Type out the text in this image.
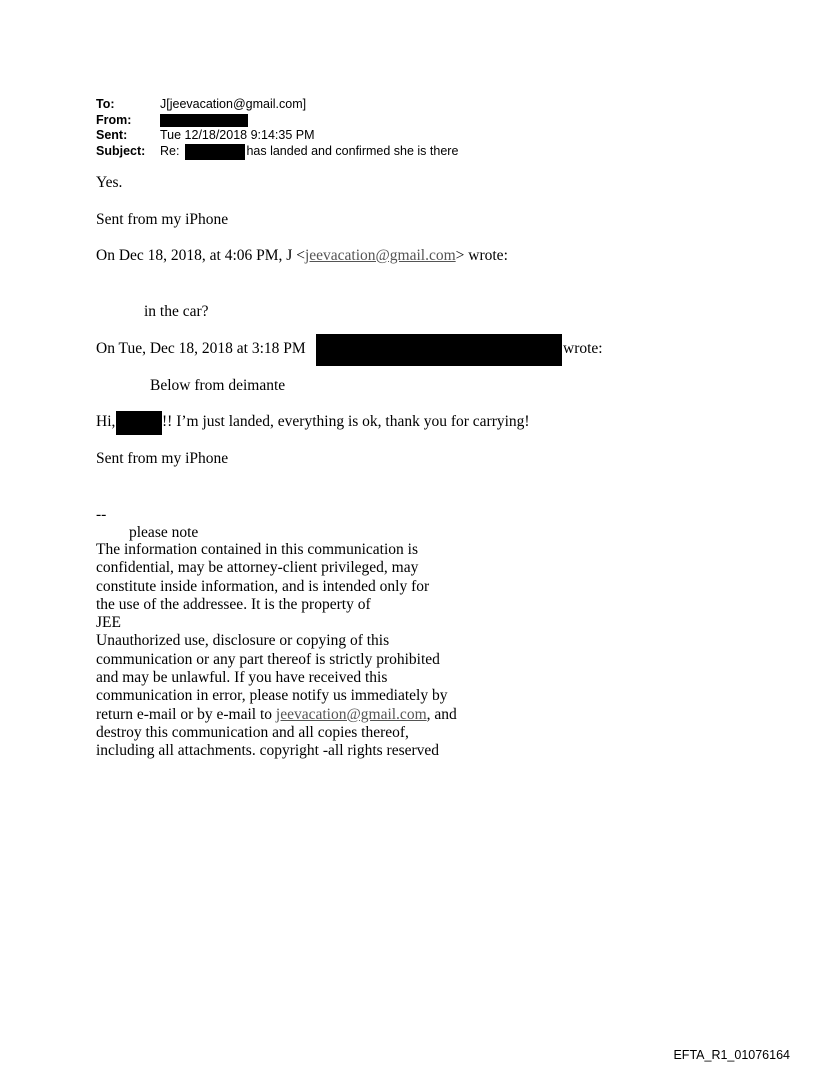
To:	J[jeevacation@gmail.com]
From:
Sent:	Tue 12/18/2018 9:14:35 PM
Subject:	Re:	has landed and confirmed she is there
Yes.
Sent from my iPhone
On Dec 18, 2018, at 4:06 PM, J <jeevacation@gmail.com> wrote:
in the car?
On Tue, Dec 18, 2018 at 3:18 PM	wrote:
Below from deimante
Hi,	!! I’m just landed, everything is ok, thank you for carrying!
Sent from my iPhone
--
please note
The information contained in this communication is
confidential, may be attorney-client privileged, may
constitute inside information, and is intended only for
the use of the addressee. It is the property of
JEE
Unauthorized use, disclosure or copying of this
communication or any part thereof is strictly prohibited
and may be unlawful. If you have received this
communication in error, please notify us immediately by
return e-mail or by e-mail to jeevacation@gmail.com, and
destroy this communication and all copies thereof,
including all attachments. copyright -all rights reserved
EFTA_R1_01076164
